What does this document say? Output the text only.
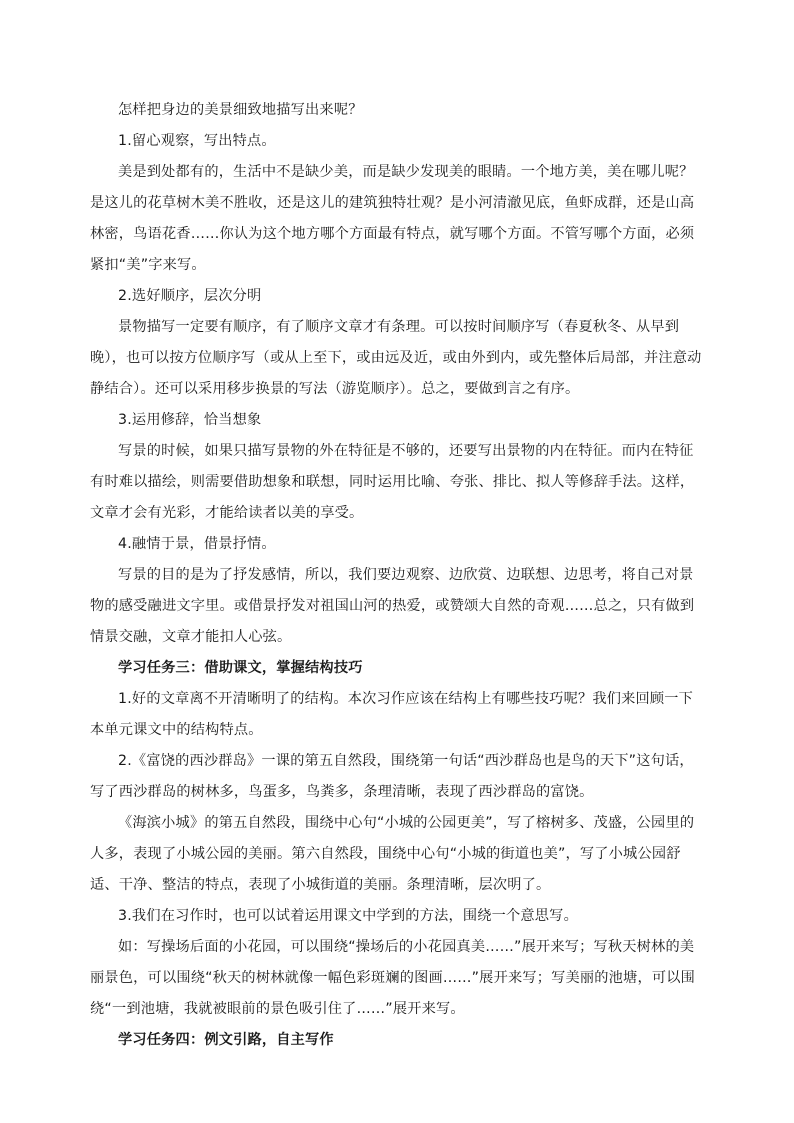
怎样把身边的美景细致地描写出来呢？

1.留心观察，写出特点。

美是到处都有的，生活中不是缺少美，而是缺少发现美的眼睛。一个地方美，美在哪儿呢？是这儿的花草树木美不胜收，还是这儿的建筑独特壮观？是小河清澈见底，鱼虾成群，还是山高林密，鸟语花香……你认为这个地方哪个方面最有特点，就写哪个方面。不管写哪个方面，必须紧扣“美”字来写。

2.选好顺序，层次分明

景物描写一定要有顺序，有了顺序文章才有条理。可以按时间顺序写（春夏秋冬、从早到晚），也可以按方位顺序写（或从上至下，或由远及近，或由外到内，或先整体后局部，并注意动静结合）。还可以采用移步换景的写法（游览顺序）。总之，要做到言之有序。

3.运用修辞，恰当想象

写景的时候，如果只描写景物的外在特征是不够的，还要写出景物的内在特征。而内在特征有时难以描绘，则需要借助想象和联想，同时运用比喻、夸张、排比、拟人等修辞手法。这样，文章才会有光彩，才能给读者以美的享受。

4.融情于景，借景抒情。

写景的目的是为了抒发感情，所以，我们要边观察、边欣赏、边联想、边思考，将自己对景物的感受融进文字里。或借景抒发对祖国山河的热爱，或赞颂大自然的奇观……总之，只有做到情景交融，文章才能扣人心弦。

学习任务三：借助课文，掌握结构技巧

1.好的文章离不开清晰明了的结构。本次习作应该在结构上有哪些技巧呢？我们来回顾一下本单元课文中的结构特点。

2.《富饶的西沙群岛》一课的第五自然段，围绕第一句话“西沙群岛也是鸟的天下”这句话，写了西沙群岛的树林多，鸟蛋多，鸟粪多，条理清晰，表现了西沙群岛的富饶。

《海滨小城》的第五自然段，围绕中心句“小城的公园更美”，写了榕树多、茂盛，公园里的人多，表现了小城公园的美丽。第六自然段，围绕中心句“小城的街道也美”，写了小城公园舒适、干净、整洁的特点，表现了小城街道的美丽。条理清晰，层次明了。

3.我们在习作时，也可以试着运用课文中学到的方法，围绕一个意思写。

如：写操场后面的小花园，可以围绕“操场后的小花园真美……”展开来写；写秋天树林的美丽景色，可以围绕“秋天的树林就像一幅色彩斑斓的图画……”展开来写；写美丽的池塘，可以围绕“一到池塘，我就被眼前的景色吸引住了……”展开来写。

学习任务四：例文引路，自主写作
